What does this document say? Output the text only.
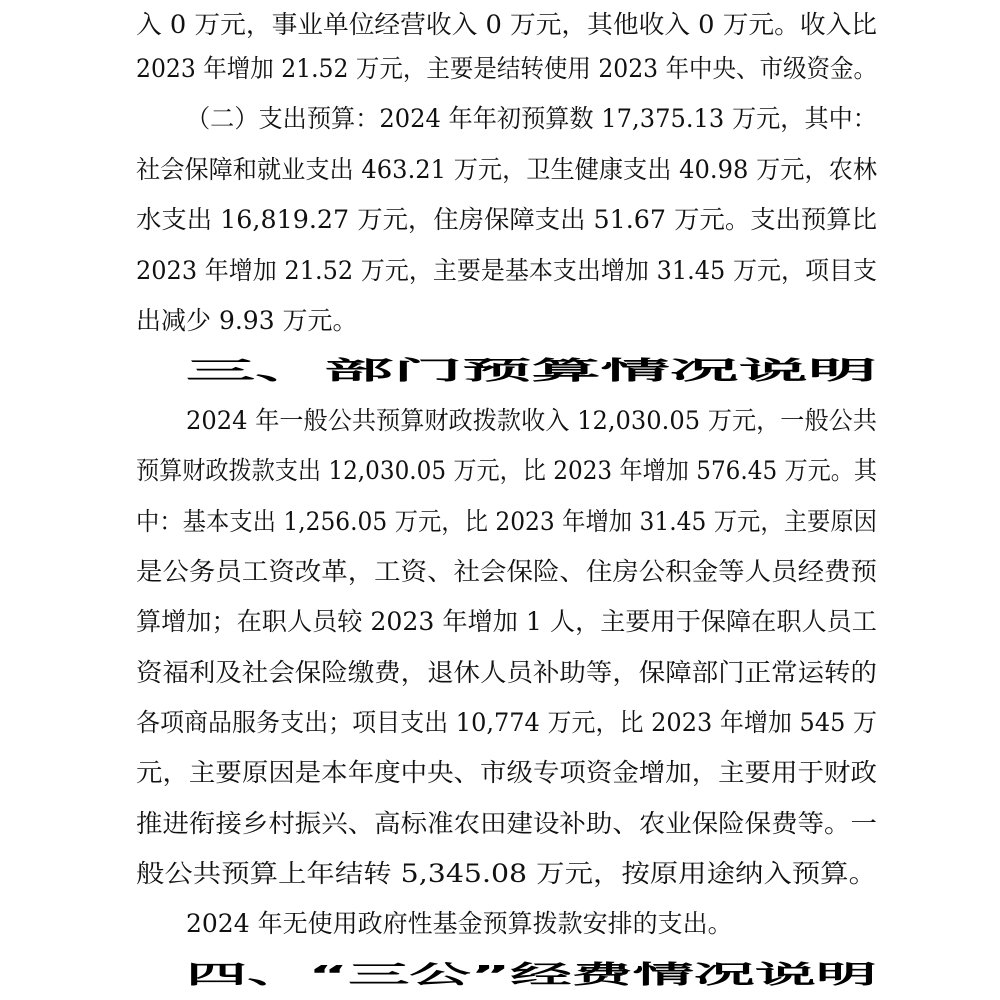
入 0 万元，事业单位经营收入 0 万元，其他收入 0 万元。收入比
2023 年增加 21.52 万元，主要是结转使用 2023 年中央、市级资金。
（二）支出预算：2024 年年初预算数 17,375.13 万元，其中：
社会保障和就业支出 463.21 万元，卫生健康支出 40.98 万元，农林
水支出 16,819.27 万元，住房保障支出 51.67 万元。支出预算比
2023 年增加 21.52 万元，主要是基本支出增加 31.45 万元，项目支
出减少 9.93 万元。
三、部门预算情况说明
2024 年一般公共预算财政拨款收入 12,030.05 万元，一般公共
预算财政拨款支出 12,030.05 万元，比 2023 年增加 576.45 万元。其
中：基本支出 1,256.05 万元，比 2023 年增加 31.45 万元，主要原因
是公务员工资改革，工资、社会保险、住房公积金等人员经费预
算增加；在职人员较 2023 年增加 1 人，主要用于保障在职人员工
资福利及社会保险缴费，退休人员补助等，保障部门正常运转的
各项商品服务支出；项目支出 10,774 万元，比 2023 年增加 545 万
元，主要原因是本年度中央、市级专项资金增加，主要用于财政
推进衔接乡村振兴、高标准农田建设补助、农业保险保费等。一
般公共预算上年结转 5,345.08 万元，按原用途纳入预算。
2024 年无使用政府性基金预算拨款安排的支出。
四、“三公”经费情况说明
